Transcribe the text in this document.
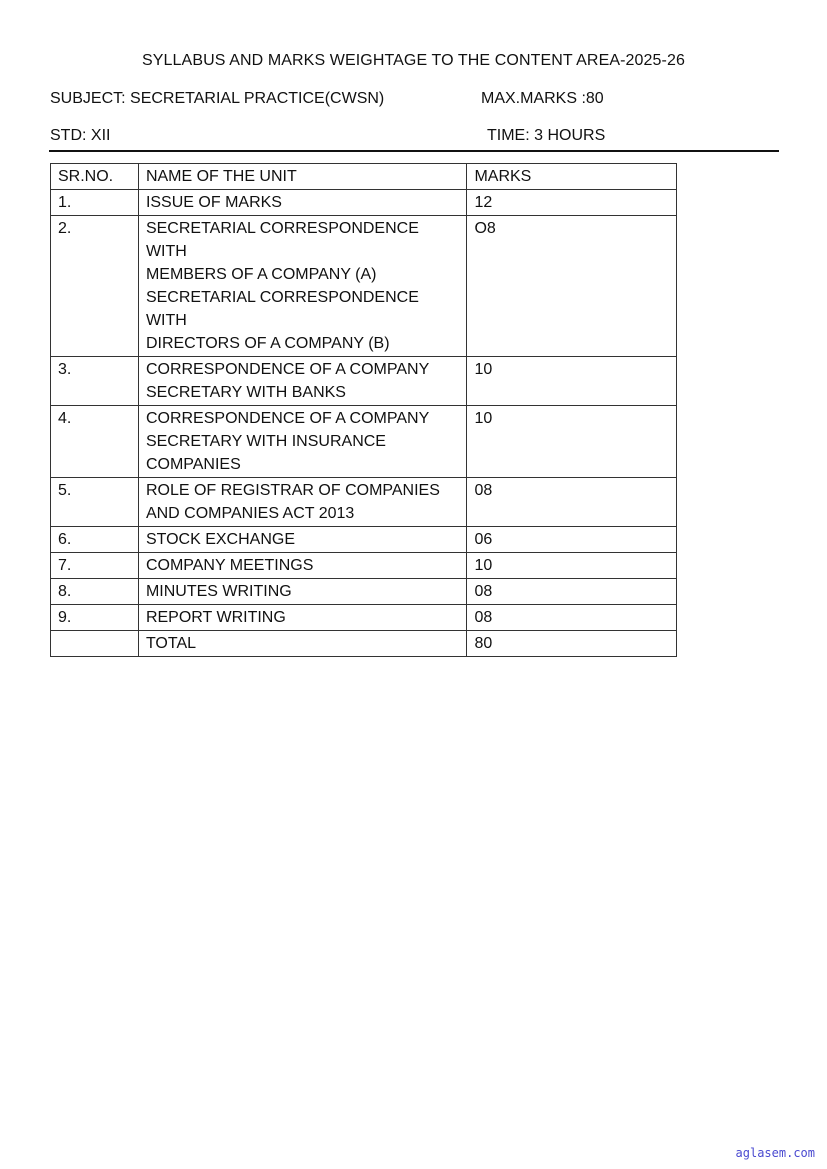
SYLLABUS AND MARKS WEIGHTAGE TO THE CONTENT AREA-2025-26
SUBJECT: SECRETARIAL PRACTICE(CWSN)	MAX.MARKS :80
STD: XII	TIME: 3 HOURS
SR.NO.	NAME OF THE UNIT	MARKS
1.	ISSUE OF MARKS	12
2.	SECRETARIAL CORRESPONDENCE WITH
MEMBERS OF A COMPANY (A)
SECRETARIAL CORRESPONDENCE WITH
DIRECTORS OF A COMPANY (B)	O8
3.	CORRESPONDENCE OF A COMPANY
SECRETARY WITH BANKS	10
4.	CORRESPONDENCE OF A COMPANY
SECRETARY WITH INSURANCE
COMPANIES	10
5.	ROLE OF REGISTRAR OF COMPANIES
AND COMPANIES ACT 2013	08
6.	STOCK EXCHANGE	06
7.	COMPANY MEETINGS	10
8.	MINUTES WRITING	08
9.	REPORT WRITING	08
	TOTAL	80
aglasem.com
